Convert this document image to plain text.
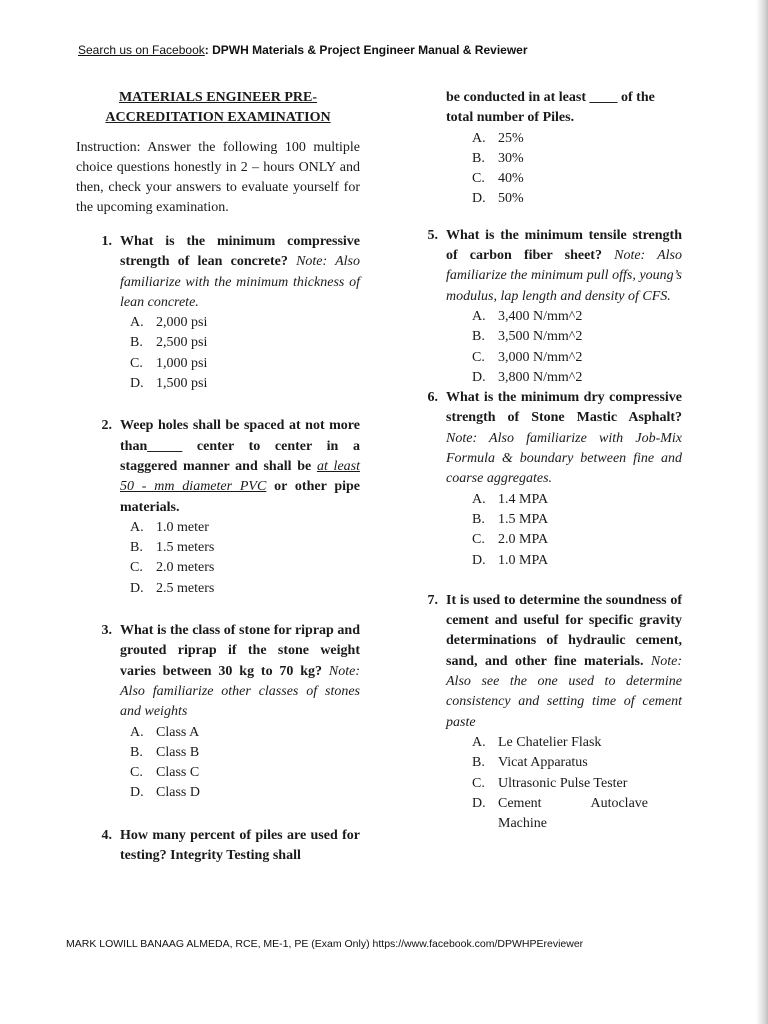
Search us on Facebook: DPWH Materials & Project Engineer Manual & Reviewer
MATERIALS ENGINEER PRE-
ACCREDITATION EXAMINATION

Instruction: Answer the following 100 multiple choice questions honestly in 2 – hours ONLY and then, check your answers to evaluate yourself for the upcoming examination.

1. What is the minimum compressive strength of lean concrete? Note: Also familiarize with the minimum thickness of lean concrete.
A. 2,000 psi
B. 2,500 psi
C. 1,000 psi
D. 1,500 psi
2. Weep holes shall be spaced at not more than_____ center to center in a staggered manner and shall be at least 50 - mm diameter PVC or other pipe materials.
A. 1.0 meter
B. 1.5 meters
C. 2.0 meters
D. 2.5 meters
3. What is the class of stone for riprap and grouted riprap if the stone weight varies between 30 kg to 70 kg? Note: Also familiarize other classes of stones and weights
A. Class A
B. Class B
C. Class C
D. Class D
4. How many percent of piles are used for testing? Integrity Testing shall
be conducted in at least ____ of the total number of Piles.
A. 25%
B. 30%
C. 40%
D. 50%
5. What is the minimum tensile strength of carbon fiber sheet? Note: Also familiarize the minimum pull offs, young’s modulus, lap length and density of CFS.
A. 3,400 N/mm^2
B. 3,500 N/mm^2
C. 3,000 N/mm^2
D. 3,800 N/mm^2
6. What is the minimum dry compressive strength of Stone Mastic Asphalt? Note: Also familiarize with Job-Mix Formula & boundary between fine and coarse aggregates.
A. 1.4 MPA
B. 1.5 MPA
C. 2.0 MPA
D. 1.0 MPA
7. It is used to determine the soundness of cement and useful for specific gravity determinations of hydraulic cement, sand, and other fine materials. Note: Also see the one used to determine consistency and setting time of cement paste
A. Le Chatelier Flask
B. Vicat Apparatus
C. Ultrasonic Pulse Tester
D. Cement	Autoclave
Machine
MARK LOWILL BANAAG ALMEDA, RCE, ME-1, PE (Exam Only) https://www.facebook.com/DPWHPEreviewer
